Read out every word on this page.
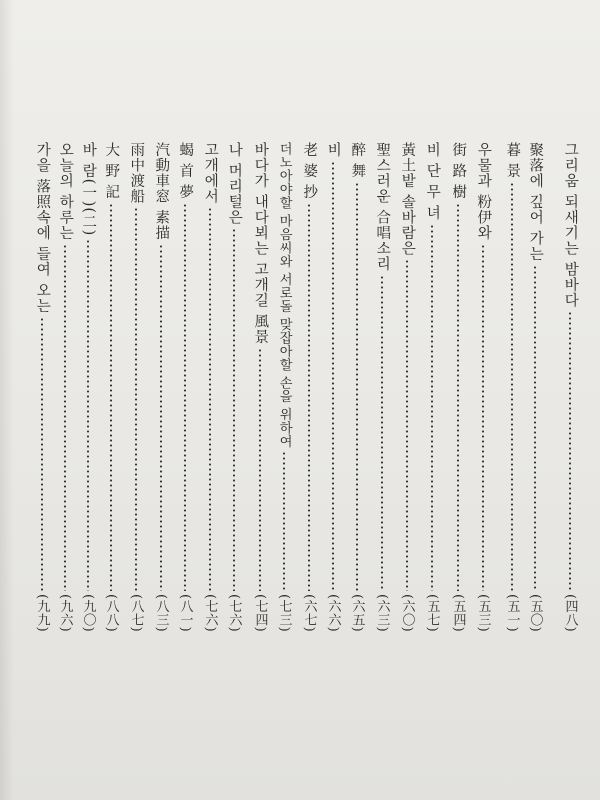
그리움 되새기는 밤바다
(四八)
聚落에 깊어 가는
(五〇)
暮 景
(五一)
우물과 粉伊와
(五三)
街 路 樹
(五四)
비 단 무 녀
(五七)
黃土밭 솔바람은
(六〇)
聖스러운 合唱소리
(六三)
醉 舞
(六五)
비
(六六)
老 婆 抄
(六七)
더노아야할 마음씨와 서로돌 맞잡아할 손을 위하여
(七三)
바다가 내다뵈는 고개길 風景
(七四)
나 머리털은
(七六)
고개에서
(七六)
蝎 首 夢
(八一)
汽動車窓 素描
(八三)
雨中渡船
(八七)
大 野 記
(八八)
바 람(一)(二)
(九〇)
오늘의 하루는
(九六)
가을 落照속에 들여 오는
(九九)
